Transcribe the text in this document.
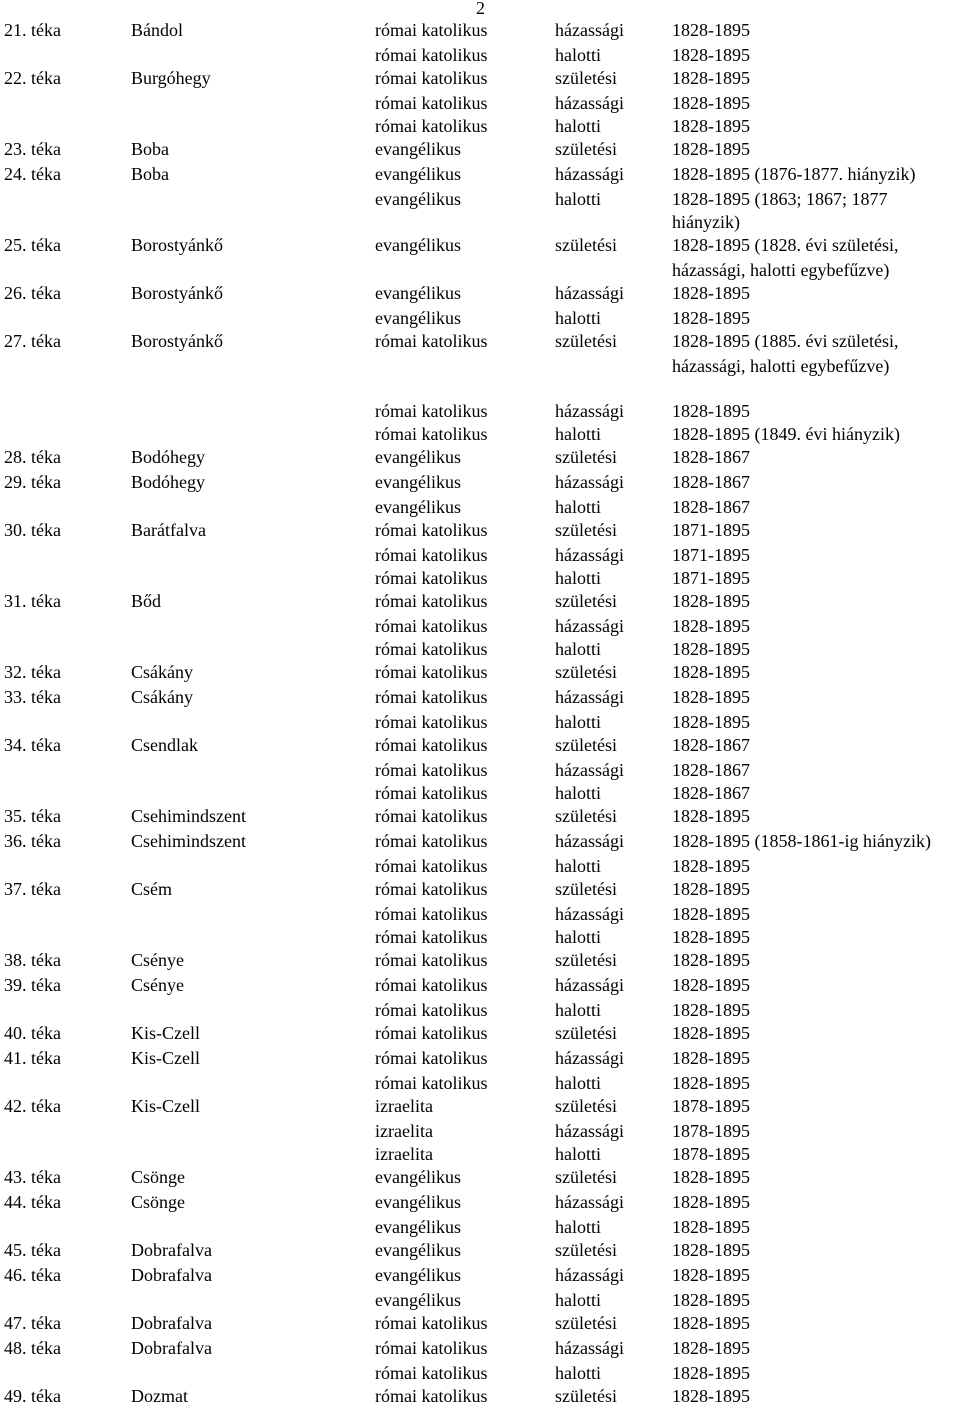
2
21. téka	Bándol	római katolikus	házassági	1828-1895
római katolikus	halotti	1828-1895
22. téka	Burgóhegy	római katolikus	születési	1828-1895
római katolikus	házassági	1828-1895
római katolikus	halotti	1828-1895
23. téka	Boba	evangélikus	születési	1828-1895
24. téka	Boba	evangélikus	házassági	1828-1895 (1876-1877. hiányzik)
evangélikus	halotti	1828-1895 (1863; 1867; 1877
hiányzik)
25. téka	Borostyánkő	evangélikus	születési	1828-1895 (1828. évi születési,
házassági, halotti egybefűzve)
26. téka	Borostyánkő	evangélikus	házassági	1828-1895
evangélikus	halotti	1828-1895
27. téka	Borostyánkő	római katolikus	születési	1828-1895 (1885. évi születési,
házassági, halotti egybefűzve)
római katolikus	házassági	1828-1895
római katolikus	halotti	1828-1895 (1849. évi hiányzik)
28. téka	Bodóhegy	evangélikus	születési	1828-1867
29. téka	Bodóhegy	evangélikus	házassági	1828-1867
evangélikus	halotti	1828-1867
30. téka	Barátfalva	római katolikus	születési	1871-1895
római katolikus	házassági	1871-1895
római katolikus	halotti	1871-1895
31. téka	Bőd	római katolikus	születési	1828-1895
római katolikus	házassági	1828-1895
római katolikus	halotti	1828-1895
32. téka	Csákány	római katolikus	születési	1828-1895
33. téka	Csákány	római katolikus	házassági	1828-1895
római katolikus	halotti	1828-1895
34. téka	Csendlak	római katolikus	születési	1828-1867
római katolikus	házassági	1828-1867
római katolikus	halotti	1828-1867
35. téka	Csehimindszent	római katolikus	születési	1828-1895
36. téka	Csehimindszent	római katolikus	házassági	1828-1895 (1858-1861-ig hiányzik)
római katolikus	halotti	1828-1895
37. téka	Csém	római katolikus	születési	1828-1895
római katolikus	házassági	1828-1895
római katolikus	halotti	1828-1895
38. téka	Csénye	római katolikus	születési	1828-1895
39. téka	Csénye	római katolikus	házassági	1828-1895
római katolikus	halotti	1828-1895
40. téka	Kis-Czell	római katolikus	születési	1828-1895
41. téka	Kis-Czell	római katolikus	házassági	1828-1895
római katolikus	halotti	1828-1895
42. téka	Kis-Czell	izraelita	születési	1878-1895
izraelita	házassági	1878-1895
izraelita	halotti	1878-1895
43. téka	Csönge	evangélikus	születési	1828-1895
44. téka	Csönge	evangélikus	házassági	1828-1895
evangélikus	halotti	1828-1895
45. téka	Dobrafalva	evangélikus	születési	1828-1895
46. téka	Dobrafalva	evangélikus	házassági	1828-1895
evangélikus	halotti	1828-1895
47. téka	Dobrafalva	római katolikus	születési	1828-1895
48. téka	Dobrafalva	római katolikus	házassági	1828-1895
római katolikus	halotti	1828-1895
49. téka	Dozmat	római katolikus	születési	1828-1895
